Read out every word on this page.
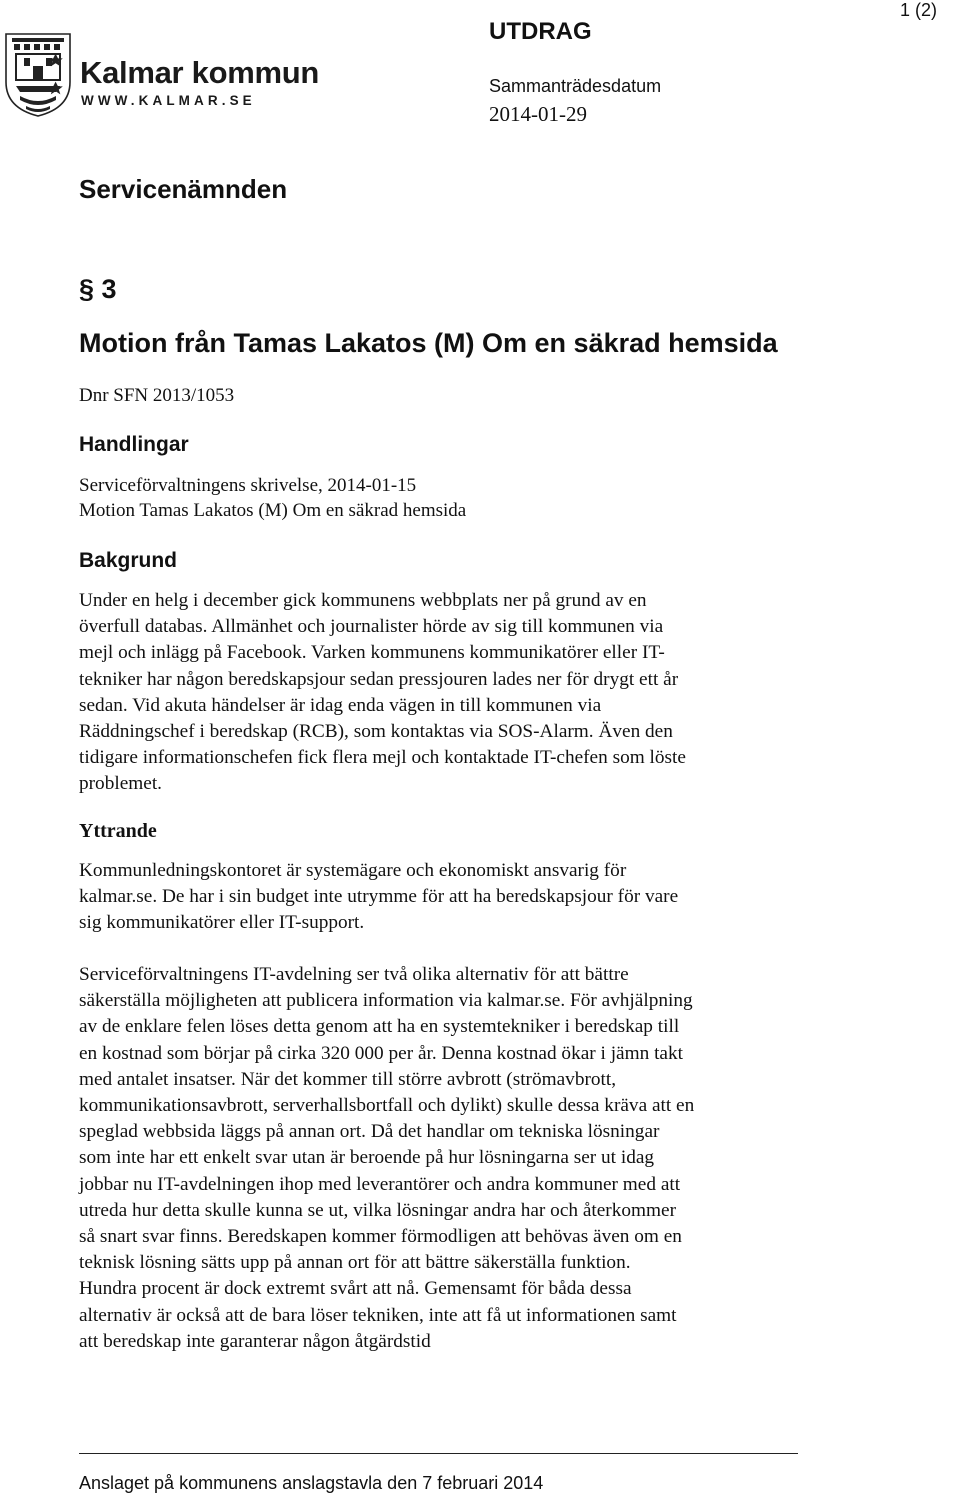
1 (2)
Kalmar kommun
WWW.KALMAR.SE
UTDRAG
Sammanträdesdatum
2014-01-29
Servicenämnden
§ 3
Motion från Tamas Lakatos (M) Om en säkrad hemsida
Dnr SFN 2013/1053
Handlingar
Serviceförvaltningens skrivelse, 2014-01-15
Motion Tamas Lakatos (M) Om en säkrad hemsida
Bakgrund
Under en helg i december gick kommunens webbplats ner på grund av en
överfull databas. Allmänhet och journalister hörde av sig till kommunen via
mejl och inlägg på Facebook. Varken kommunens kommunikatörer eller IT-
tekniker har någon beredskapsjour sedan pressjouren lades ner för drygt ett år
sedan. Vid akuta händelser är idag enda vägen in till kommunen via
Räddningschef i beredskap (RCB), som kontaktas via SOS-Alarm. Även den
tidigare informationschefen fick flera mejl och kontaktade IT-chefen som löste
problemet.
Yttrande
Kommunledningskontoret är systemägare och ekonomiskt ansvarig för
kalmar.se. De har i sin budget inte utrymme för att ha beredskapsjour för vare
sig kommunikatörer eller IT-support.
Serviceförvaltningens IT-avdelning ser två olika alternativ för att bättre
säkerställa möjligheten att publicera information via kalmar.se. För avhjälpning
av de enklare felen löses detta genom att ha en systemtekniker i beredskap till
en kostnad som börjar på cirka 320 000 per år. Denna kostnad ökar i jämn takt
med antalet insatser. När det kommer till större avbrott (strömavbrott,
kommunikationsavbrott, serverhallsbortfall och dylikt) skulle dessa kräva att en
speglad webbsida läggs på annan ort. Då det handlar om tekniska lösningar
som inte har ett enkelt svar utan är beroende på hur lösningarna ser ut idag
jobbar nu IT-avdelningen ihop med leverantörer och andra kommuner med att
utreda hur detta skulle kunna se ut, vilka lösningar andra har och återkommer
så snart svar finns. Beredskapen kommer förmodligen att behövas även om en
teknisk lösning sätts upp på annan ort för att bättre säkerställa funktion.
Hundra procent är dock extremt svårt att nå. Gemensamt för båda dessa
alternativ är också att de bara löser tekniken, inte att få ut informationen samt
att beredskap inte garanterar någon åtgärdstid
Anslaget på kommunens anslagstavla den 7 februari 2014
